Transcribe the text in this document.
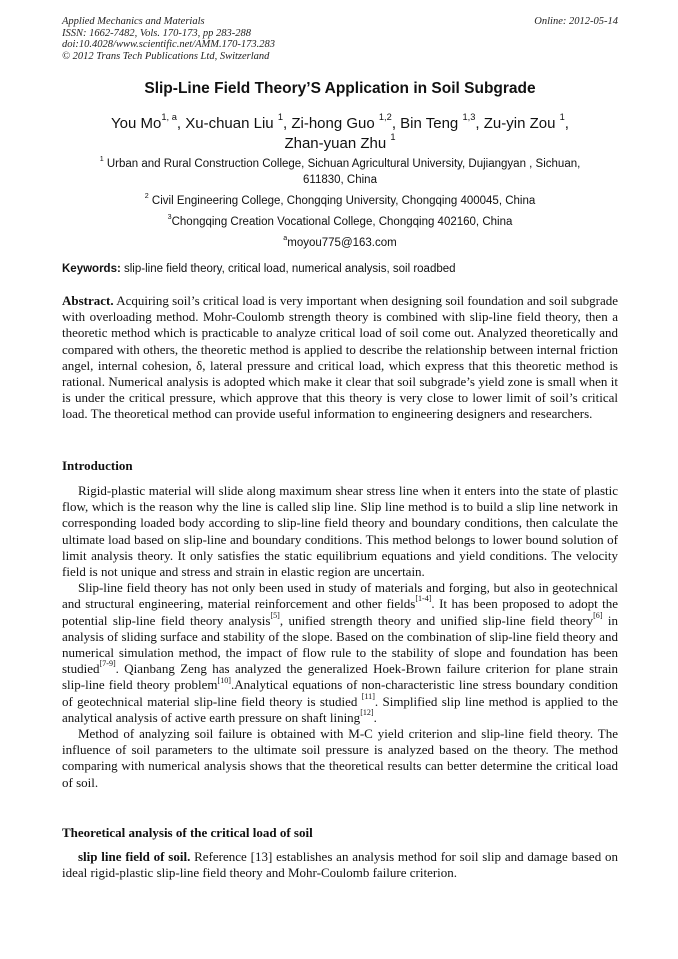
Applied Mechanics and Materials
ISSN: 1662-7482, Vols. 170-173, pp 283-288
doi:10.4028/www.scientific.net/AMM.170-173.283
© 2012 Trans Tech Publications Ltd, Switzerland
Online: 2012-05-14
Slip-Line Field Theory’S Application in Soil Subgrade
You Mo$^{1, a}$, Xu-chuan Liu $^1$, Zi-hong Guo $^{1,2}$, Bin Teng $^{1,3}$, Zu-yin Zou $^1$,
Zhan-yuan Zhu $^1$
$^1$ Urban and Rural Construction College, Sichuan Agricultural University, Dujiangyan , Sichuan, 611830, China
$^2$ Civil Engineering College, Chongqing University, Chongqing 400045, China
$^3$Chongqing Creation Vocational College, Chongqing 402160, China
$^a$moyou775@163.com
Keywords: slip-line field theory, critical load, numerical analysis, soil roadbed
Abstract. Acquiring soil’s critical load is very important when designing soil foundation and soil subgrade with overloading method. Mohr-Coulomb strength theory is combined with slip-line field theory, then a theoretic method which is practicable to analyze critical load of soil come out. Analyzed theoretically and compared with others, the theoretic method is applied to describe the relationship between internal friction angel, internal cohesion, δ, lateral pressure and critical load, which express that this theoretic method is rational. Numerical analysis is adopted which make it clear that soil subgrade’s yield zone is small when it is under the critical pressure, which approve that this theory is very close to lower limit of soil’s critical load. The theoretical method can provide useful information to engineering designers and researchers.
Introduction

Rigid-plastic material will slide along maximum shear stress line when it enters into the state of plastic flow, which is the reason why the line is called slip line. Slip line method is to build a slip line network in corresponding loaded body according to slip-line field theory and boundary conditions, then calculate the ultimate load based on slip-line and boundary conditions. This method belongs to lower bound solution of limit analysis theory. It only satisfies the static equilibrium equations and yield conditions. The velocity field is not unique and stress and strain in elastic region are uncertain.

Slip-line field theory has not only been used in study of materials and forging, but also in geotechnical and structural engineering, material reinforcement and other fields[1-4]. It has been proposed to adopt the potential slip-line field theory analysis[5], unified strength theory and unified slip-line field theory[6] in analysis of sliding surface and stability of the slope. Based on the combination of slip-line field theory and numerical simulation method, the impact of flow rule to the stability of slope and foundation has been studied[7-9]. Qianbang Zeng has analyzed the generalized Hoek-Brown failure criterion for plane strain slip-line field theory problem[10].Analytical equations of non-characteristic line stress boundary condition of geotechnical material slip-line field theory is studied [11]. Simplified slip line method is applied to the analytical analysis of active earth pressure on shaft lining[12].

Method of analyzing soil failure is obtained with M-C yield criterion and slip-line field theory. The influence of soil parameters to the ultimate soil pressure is analyzed based on the theory. The method comparing with numerical analysis shows that the theoretical results can better determine the critical load of soil.

Theoretical analysis of the critical load of soil

slip line field of soil. Reference [13] establishes an analysis method for soil slip and damage based on ideal rigid-plastic slip-line field theory and Mohr-Coulomb failure criterion.
